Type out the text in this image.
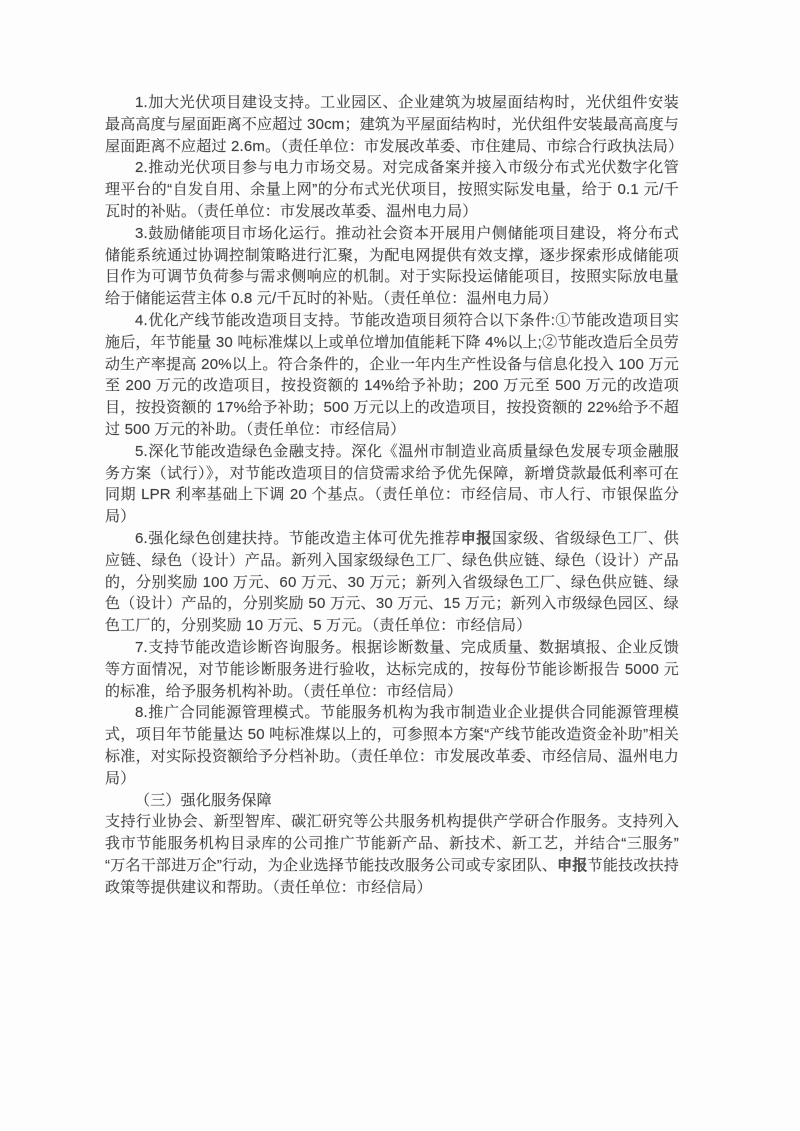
1.加大光伏项目建设支持。工业园区、企业建筑为坡屋面结构时，光伏组件安装最高高度与屋面距离不应超过 30cm；建筑为平屋面结构时，光伏组件安装最高高度与屋面距离不应超过 2.6m。（责任单位：市发展改革委、市住建局、市综合行政执法局）

2.推动光伏项目参与电力市场交易。对完成备案并接入市级分布式光伏数字化管理平台的“自发自用、余量上网”的分布式光伏项目，按照实际发电量，给于 0.1 元/千瓦时的补贴。（责任单位：市发展改革委、温州电力局）

3.鼓励储能项目市场化运行。推动社会资本开展用户侧储能项目建设，将分布式储能系统通过协调控制策略进行汇聚，为配电网提供有效支撑，逐步探索形成储能项目作为可调节负荷参与需求侧响应的机制。对于实际投运储能项目，按照实际放电量给于储能运营主体 0.8 元/千瓦时的补贴。（责任单位：温州电力局）

4.优化产线节能改造项目支持。节能改造项目须符合以下条件:①节能改造项目实施后，年节能量 30 吨标准煤以上或单位增加值能耗下降 4%以上;②节能改造后全员劳动生产率提高 20%以上。符合条件的，企业一年内生产性设备与信息化投入 100 万元至 200 万元的改造项目，按投资额的 14%给予补助；200 万元至 500 万元的改造项目，按投资额的 17%给予补助；500 万元以上的改造项目，按投资额的 22%给予不超过 500 万元的补助。（责任单位：市经信局）

5.深化节能改造绿色金融支持。深化《温州市制造业高质量绿色发展专项金融服务方案（试行）》，对节能改造项目的信贷需求给予优先保障，新增贷款最低利率可在同期 LPR 利率基础上下调 20 个基点。（责任单位：市经信局、市人行、市银保监分局）

6.强化绿色创建扶持。节能改造主体可优先推荐申报国家级、省级绿色工厂、供应链、绿色（设计）产品。新列入国家级绿色工厂、绿色供应链、绿色（设计）产品的，分别奖励 100 万元、60 万元、30 万元；新列入省级绿色工厂、绿色供应链、绿色（设计）产品的，分别奖励 50 万元、30 万元、15 万元；新列入市级绿色园区、绿色工厂的，分别奖励 10 万元、5 万元。（责任单位：市经信局）

7.支持节能改造诊断咨询服务。根据诊断数量、完成质量、数据填报、企业反馈等方面情况，对节能诊断服务进行验收，达标完成的，按每份节能诊断报告 5000 元的标准，给予服务机构补助。（责任单位：市经信局）

8.推广合同能源管理模式。节能服务机构为我市制造业企业提供合同能源管理模式，项目年节能量达 50 吨标准煤以上的，可参照本方案“产线节能改造资金补助”相关标准，对实际投资额给予分档补助。（责任单位：市发展改革委、市经信局、温州电力局）

（三）强化服务保障

支持行业协会、新型智库、碳汇研究等公共服务机构提供产学研合作服务。支持列入我市节能服务机构目录库的公司推广节能新产品、新技术、新工艺，并结合“三服务”“万名干部进万企”行动，为企业选择节能技改服务公司或专家团队、申报节能技改扶持政策等提供建议和帮助。（责任单位：市经信局）
